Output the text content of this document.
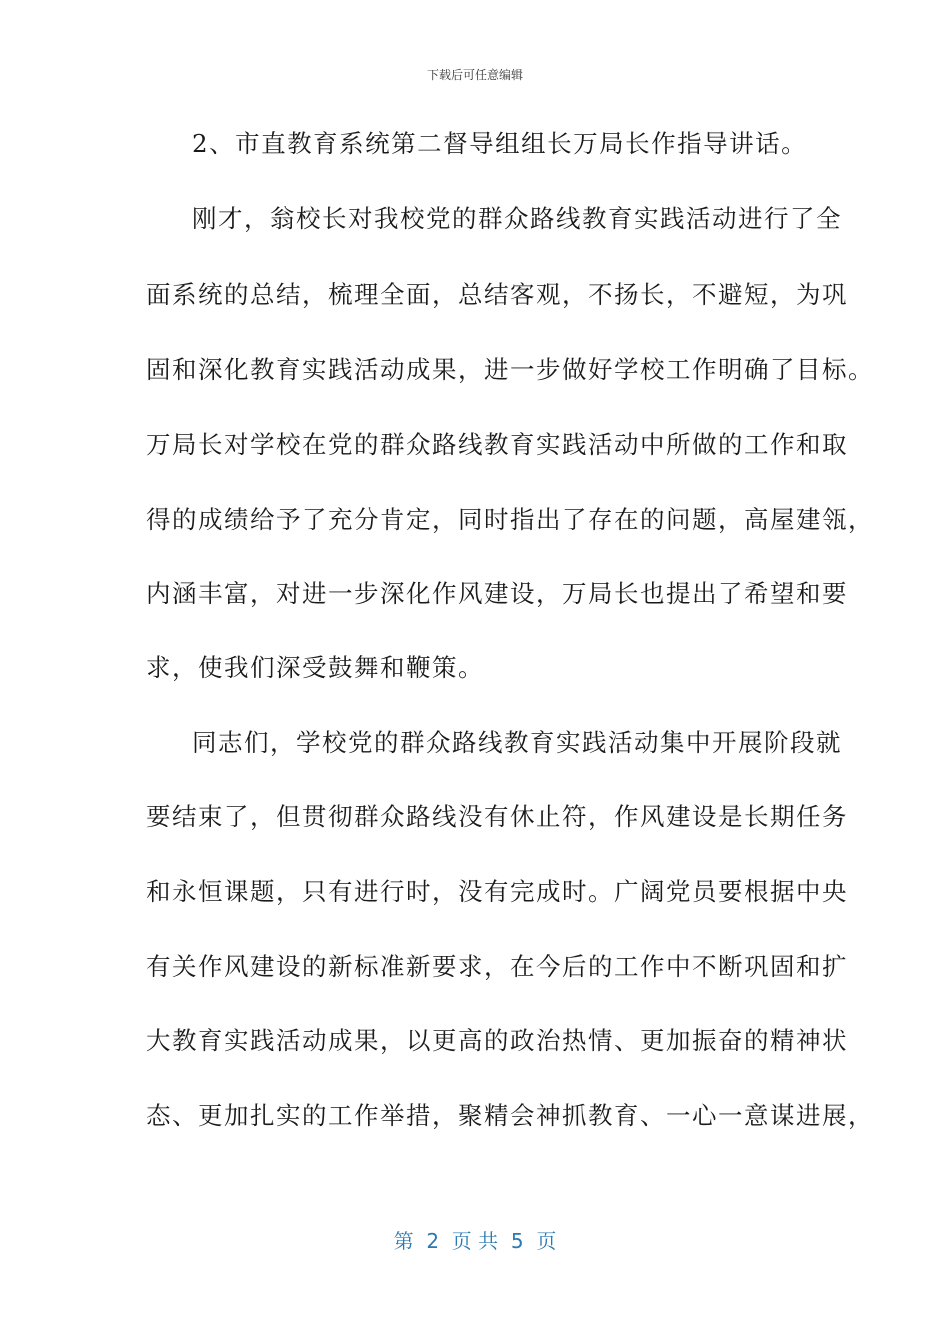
下载后可任意编辑
2、市直教育系统第二督导组组长万局长作指导讲话。
刚才，翁校长对我校党的群众路线教育实践活动进行了全
面系统的总结，梳理全面，总结客观，不扬长，不避短，为巩
固和深化教育实践活动成果，进一步做好学校工作明确了目标。
万局长对学校在党的群众路线教育实践活动中所做的工作和取
得的成绩给予了充分肯定，同时指出了存在的问题，高屋建瓴，
内涵丰富，对进一步深化作风建设，万局长也提出了希望和要
求，使我们深受鼓舞和鞭策。
同志们，学校党的群众路线教育实践活动集中开展阶段就
要结束了，但贯彻群众路线没有休止符，作风建设是长期任务
和永恒课题，只有进行时，没有完成时。广阔党员要根据中央
有关作风建设的新标准新要求，在今后的工作中不断巩固和扩
大教育实践活动成果，以更高的政治热情、更加振奋的精神状
态、更加扎实的工作举措，聚精会神抓教育、一心一意谋进展，
第  2  页 共  5  页
